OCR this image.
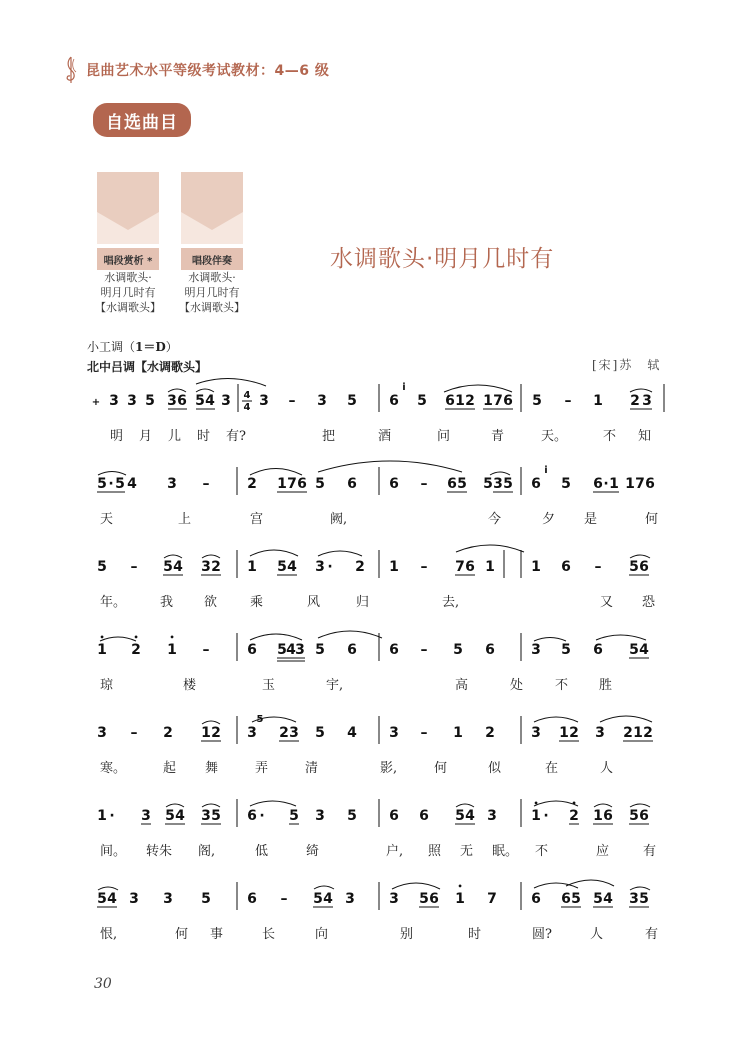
昆曲艺术水平等级考试教材：4—6 级
自选曲目
唱段赏析 *
水调歌头·
明月几时有
【水调歌头】
唱段伴奏
水调歌头·
明月几时有
【水调歌头】
水调歌头·明月几时有
小工调（1＝D）
北中吕调【水调歌头】	[宋]苏　轼
+ 3 3 5 3 6 5 4 3 4
4 3 – 3 5 6
i
5 6 1 2 1 7 6 5 – 1 2 3
5 · 5 4 3 –	2 1 7 6 5 6 6 – 6 5 5 3 5 6
i
5 6 · 1 1 7 6
5 – 5 4 3 2 1 5 4 3 · 2 1 – 7 6 1	1 6 – 5 6
1
•
2
•
1
•
–	6 5 4 3 5 6 6 – 5 6	3 5 6 5 4
3 – 2 1 2 3
5
2 3 5 4 3 – 1 2	3 1 2 3 2 1 2
1 · 3 5 4 3 5 6 · 5 3 5 6 6 5 4 3 1
•
· 2
•
1 6 5 6
5 4 3 3 5	6 – 5 4 3 3 5 6 1
•
7 6 6 5 5 4 3 5
明 月 儿 时 有?	把	酒	问	青	天。	不 知
天	上	宫	阙,	今	夕 是	何
年。	我 欲	乘	风	归	去,	又 恐
琼	楼	玉	宇,	高	处 不 胜
寒。	起 舞	弄	清	影,	何	似	在	人
间。 转朱 阁,	低	绮	户, 照 无 眠。 不	应	有
恨,	何 事	长	向	别	时	圆?	人	有
30
